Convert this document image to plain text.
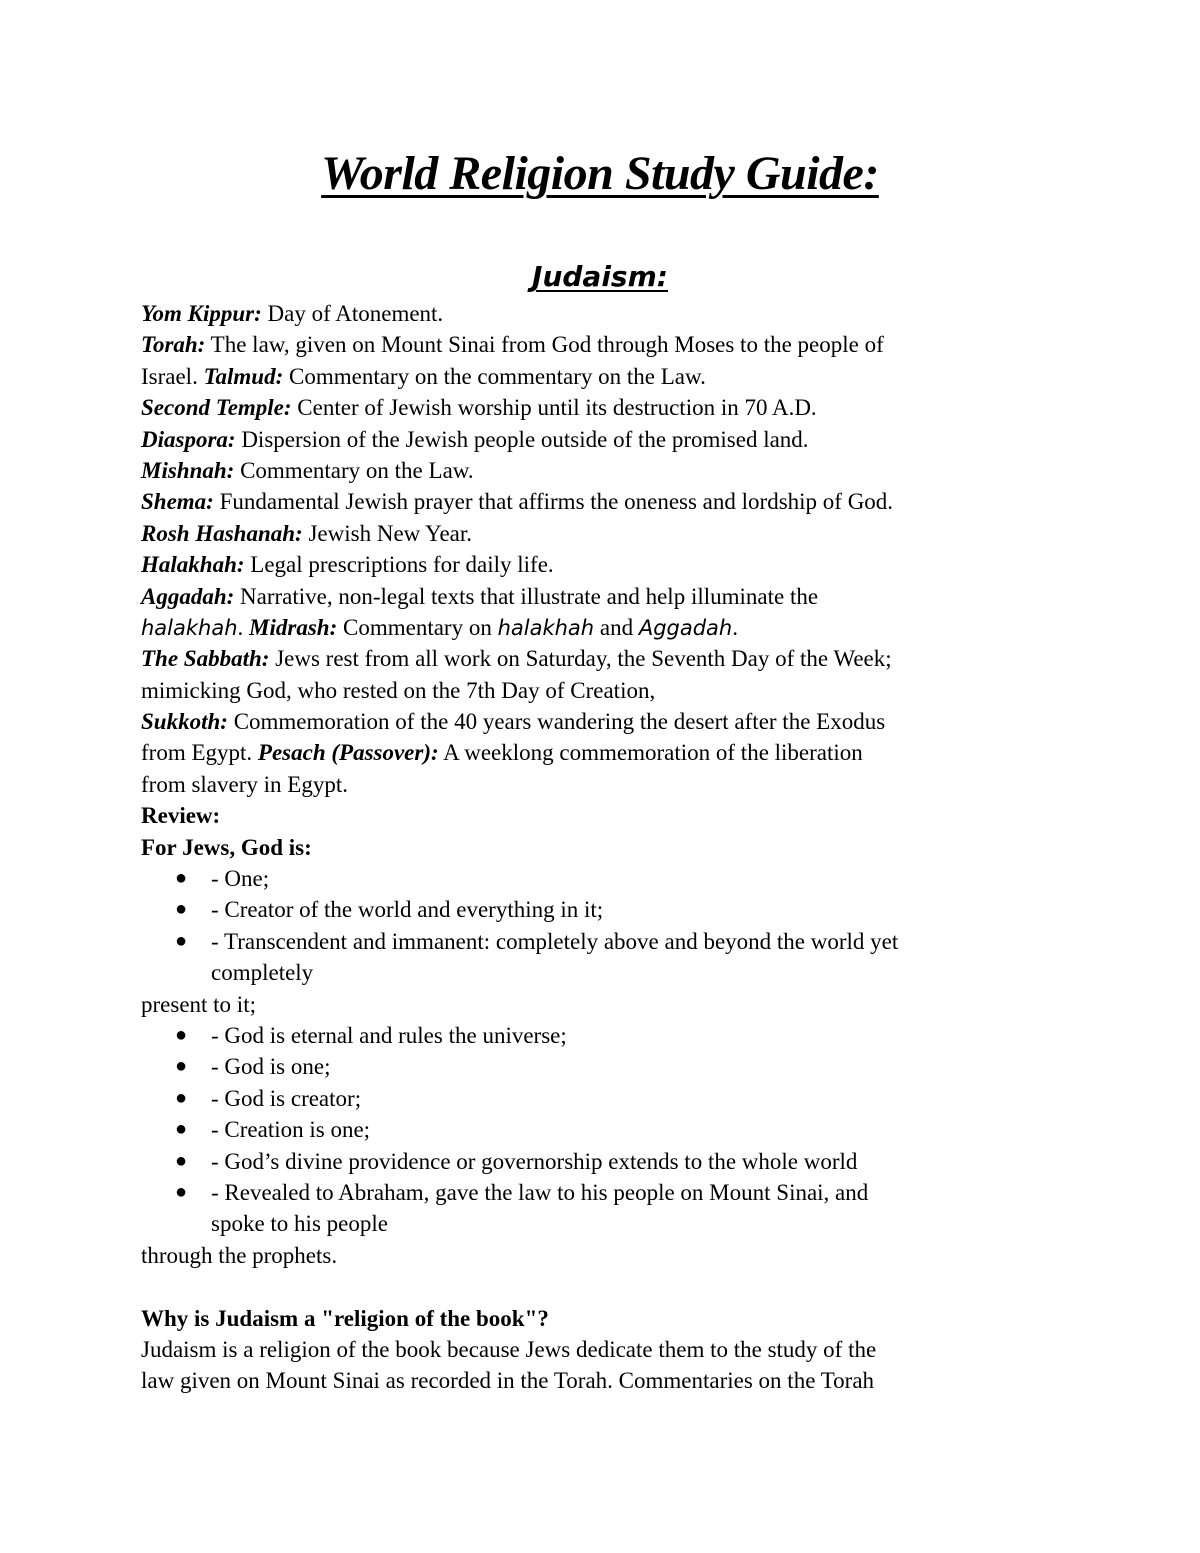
World Religion Study Guide:
Judaism:
Yom Kippur: Day of Atonement.
Torah: The law, given on Mount Sinai from God through Moses to the people of
Israel. Talmud: Commentary on the commentary on the Law.
Second Temple: Center of Jewish worship until its destruction in 70 A.D.
Diaspora: Dispersion of the Jewish people outside of the promised land.
Mishnah: Commentary on the Law.
Shema: Fundamental Jewish prayer that affirms the oneness and lordship of God.
Rosh Hashanah: Jewish New Year.
Halakhah: Legal prescriptions for daily life.
Aggadah: Narrative, non-legal texts that illustrate and help illuminate the
halakhah. Midrash: Commentary on halakhah and Aggadah.
The Sabbath: Jews rest from all work on Saturday, the Seventh Day of the Week;
mimicking God, who rested on the 7th Day of Creation,
Sukkoth: Commemoration of the 40 years wandering the desert after the Exodus
from Egypt. Pesach (Passover): A weeklong commemoration of the liberation
from slavery in Egypt.
Review:
For Jews, God is:
● - One;
● - Creator of the world and everything in it;
● - Transcendent and immanent: completely above and beyond the world yet
completely
present to it;
● - God is eternal and rules the universe;
● - God is one;
● - God is creator;
● - Creation is one;
● - God’s divine providence or governorship extends to the whole world
● - Revealed to Abraham, gave the law to his people on Mount Sinai, and
spoke to his people
through the prophets.
Why is Judaism a "religion of the book"?
Judaism is a religion of the book because Jews dedicate them to the study of the
law given on Mount Sinai as recorded in the Torah. Commentaries on the Torah
